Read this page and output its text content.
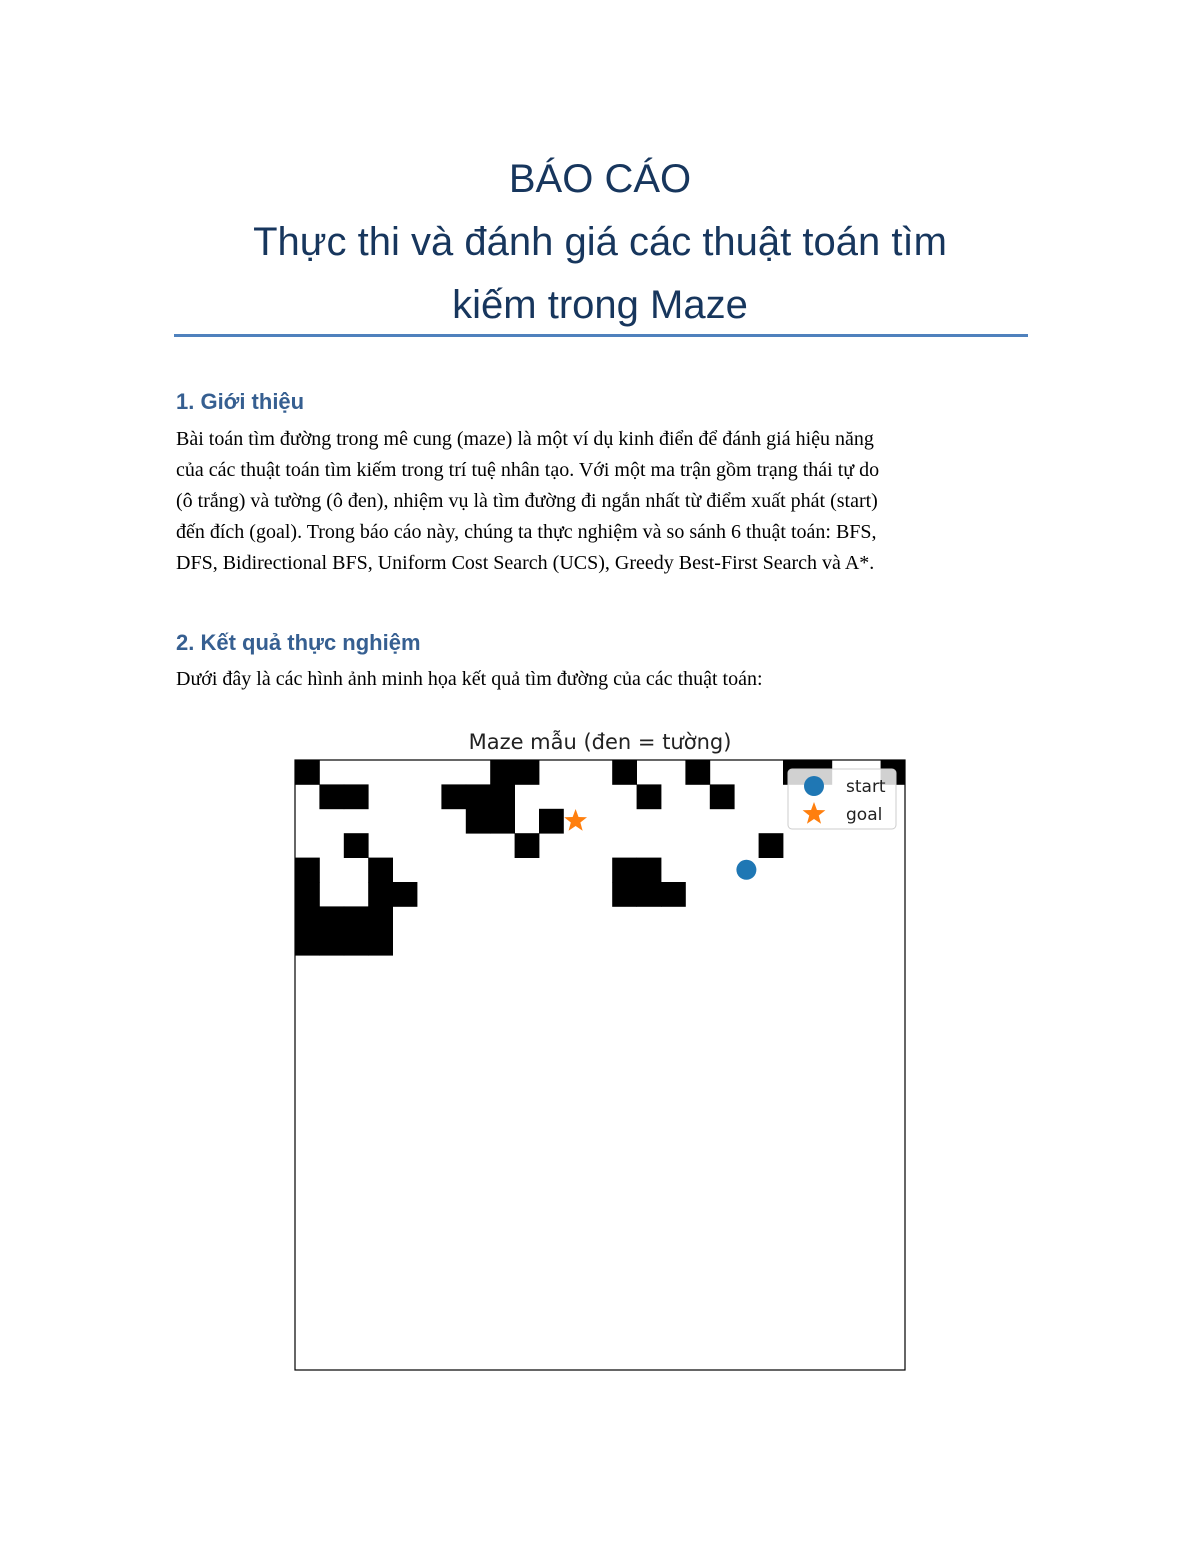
BÁO CÁO
Thực thi và đánh giá các thuật toán tìm
kiếm trong Maze
1. Giới thiệu
Bài toán tìm đường trong mê cung (maze) là một ví dụ kinh điển để đánh giá hiệu năng
của các thuật toán tìm kiếm trong trí tuệ nhân tạo. Với một ma trận gồm trạng thái tự do
(ô trắng) và tường (ô đen), nhiệm vụ là tìm đường đi ngắn nhất từ điểm xuất phát (start)
đến đích (goal). Trong báo cáo này, chúng ta thực nghiệm và so sánh 6 thuật toán: BFS,
DFS, Bidirectional BFS, Uniform Cost Search (UCS), Greedy Best-First Search và A*.
2. Kết quả thực nghiệm
Dưới đây là các hình ảnh minh họa kết quả tìm đường của các thuật toán:
Maze mẫu (đen = tường)
start
goal
